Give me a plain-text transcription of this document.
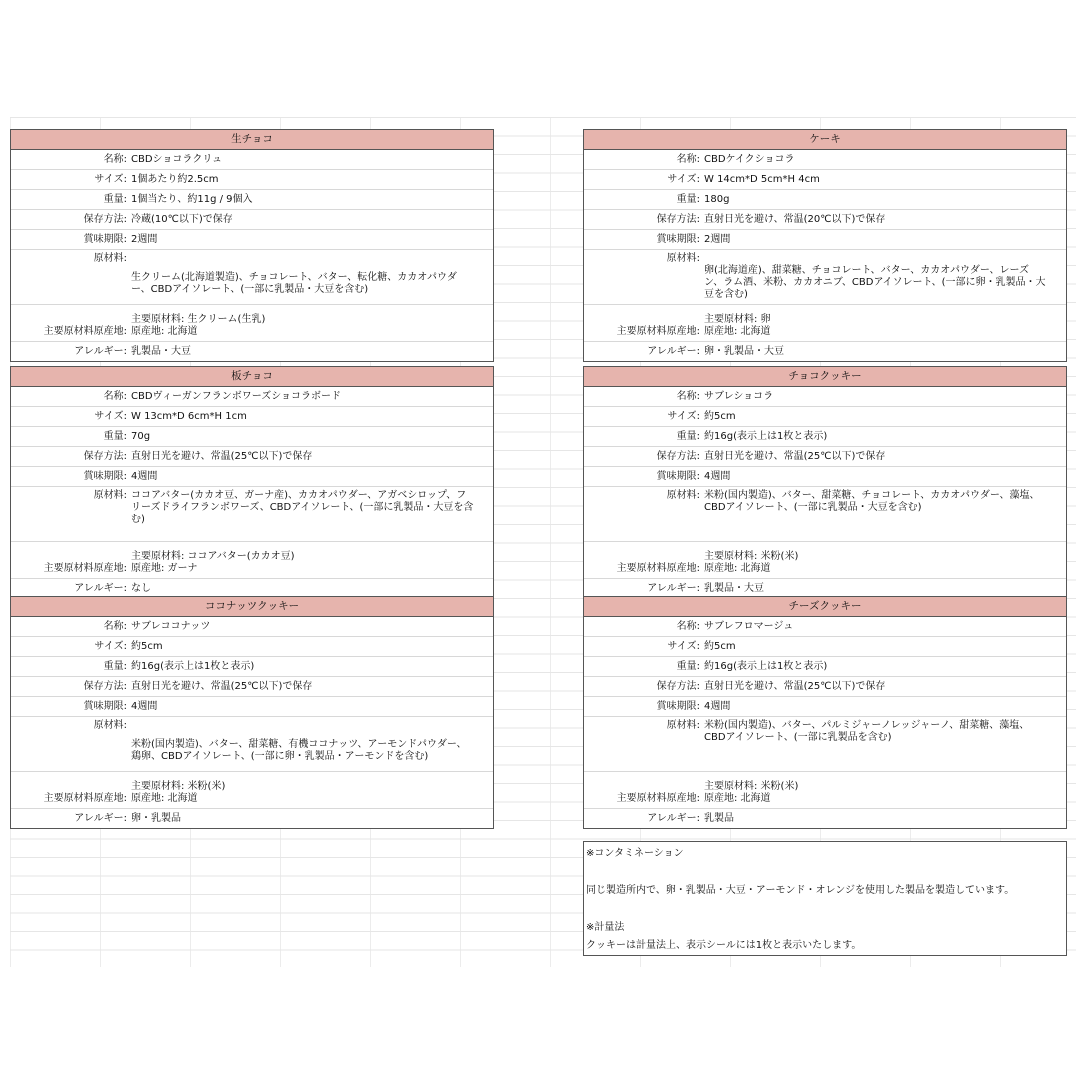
生チョコ
名称: CBDショコラクリュ
サイズ: 1個あたり約2.5cm
重量: 1個当たり、約11g / 9個入
保存方法: 冷蔵(10℃以下)で保存
賞味期限: 2週間
原材料:
生クリーム(北海道製造)、チョコレート、バター、転化糖、カカオパウダ
ー、CBDアイソレート、(一部に乳製品・大豆を含む)
主要原材料原産地:
主要原材料: 生クリーム(生乳)
原産地: 北海道
アレルギー: 乳製品・大豆
ケーキ
名称: CBDケイクショコラ
サイズ: W 14cm*D 5cm*H 4cm
重量: 180g
保存方法: 直射日光を避け、常温(20℃以下)で保存
賞味期限: 2週間
原材料:
卵(北海道産)、甜菜糖、チョコレート、バター、カカオパウダー、レーズ
ン、ラム酒、米粉、カカオニブ、CBDアイソレート、(一部に卵・乳製品・大
豆を含む)
主要原材料原産地:
主要原材料: 卵
原産地: 北海道
アレルギー: 卵・乳製品・大豆
板チョコ
名称: CBDヴィーガンフランボワーズショコラボード
サイズ: W 13cm*D 6cm*H 1cm
重量: 70g
保存方法: 直射日光を避け、常温(25℃以下)で保存
賞味期限: 4週間
原材料: ココアバター(カカオ豆、ガーナ産)、カカオパウダー、アガベシロップ、フ
リーズドライフランボワーズ、CBDアイソレート、(一部に乳製品・大豆を含
む)
主要原材料原産地:
主要原材料: ココアバター(カカオ豆)
原産地: ガーナ
アレルギー: なし
チョコクッキー
名称: サブレショコラ
サイズ: 約5cm
重量: 約16g(表示上は1枚と表示)
保存方法: 直射日光を避け、常温(25℃以下)で保存
賞味期限: 4週間
原材料: 米粉(国内製造)、バター、甜菜糖、チョコレート、カカオパウダー、藻塩、
CBDアイソレート、(一部に乳製品・大豆を含む)
主要原材料原産地:
主要原材料: 米粉(米)
原産地: 北海道
アレルギー: 乳製品・大豆
ココナッツクッキー
名称: サブレココナッツ
サイズ: 約5cm
重量: 約16g(表示上は1枚と表示)
保存方法: 直射日光を避け、常温(25℃以下)で保存
賞味期限: 4週間
原材料:
米粉(国内製造)、バター、甜菜糖、有機ココナッツ、アーモンドパウダー、
鶏卵、CBDアイソレート、(一部に卵・乳製品・アーモンドを含む)
主要原材料原産地:
主要原材料: 米粉(米)
原産地: 北海道
アレルギー: 卵・乳製品
チーズクッキー
名称: サブレフロマージュ
サイズ: 約5cm
重量: 約16g(表示上は1枚と表示)
保存方法: 直射日光を避け、常温(25℃以下)で保存
賞味期限: 4週間
原材料: 米粉(国内製造)、バター、パルミジャーノレッジャーノ、甜菜糖、藻塩、
CBDアイソレート、(一部に乳製品を含む)
主要原材料原産地:
主要原材料: 米粉(米)
原産地: 北海道
アレルギー: 乳製品

※コンタミネーション

同じ製造所内で、卵・乳製品・大豆・アーモンド・オレンジを使用した製品を製造しています。

※計量法

クッキーは計量法上、表示シールには1枚と表示いたします。
